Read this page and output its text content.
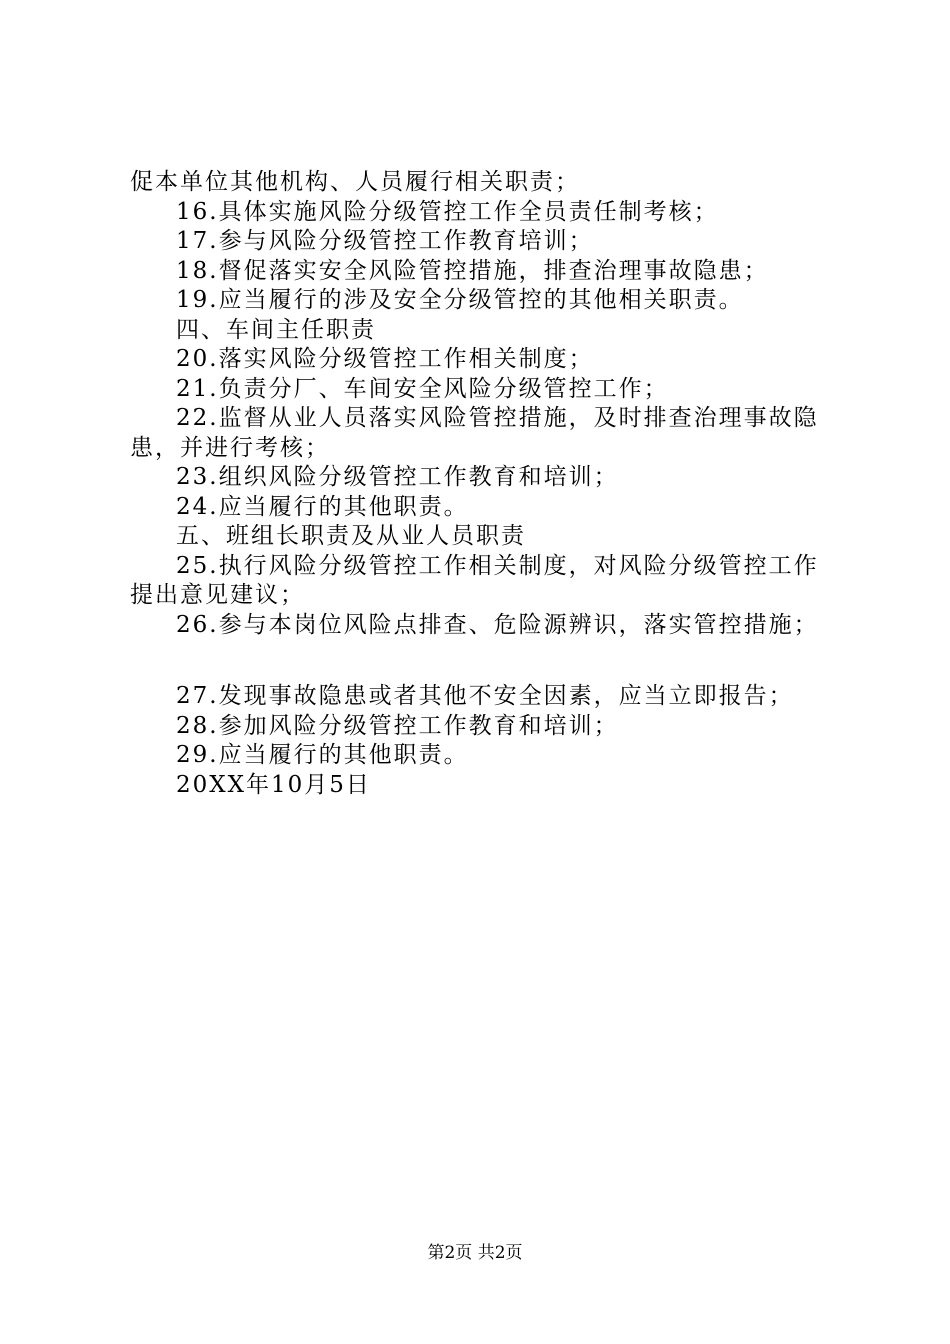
促本单位其他机构、人员履行相关职责；
16.具体实施风险分级管控工作全员责任制考核；
17.参与风险分级管控工作教育培训；
18.督促落实安全风险管控措施，排查治理事故隐患；
19.应当履行的涉及安全分级管控的其他相关职责。
四、车间主任职责
20.落实风险分级管控工作相关制度；
21.负责分厂、车间安全风险分级管控工作；
22.监督从业人员落实风险管控措施，及时排查治理事故隐
患，并进行考核；
23.组织风险分级管控工作教育和培训；
24.应当履行的其他职责。
五、班组长职责及从业人员职责
25.执行风险分级管控工作相关制度，对风险分级管控工作
提出意见建议；
26.参与本岗位风险点排查、危险源辨识，落实管控措施；
27.发现事故隐患或者其他不安全因素，应当立即报告；
28.参加风险分级管控工作教育和培训；
29.应当履行的其他职责。
20XX年10月5日
第2页 共2页
